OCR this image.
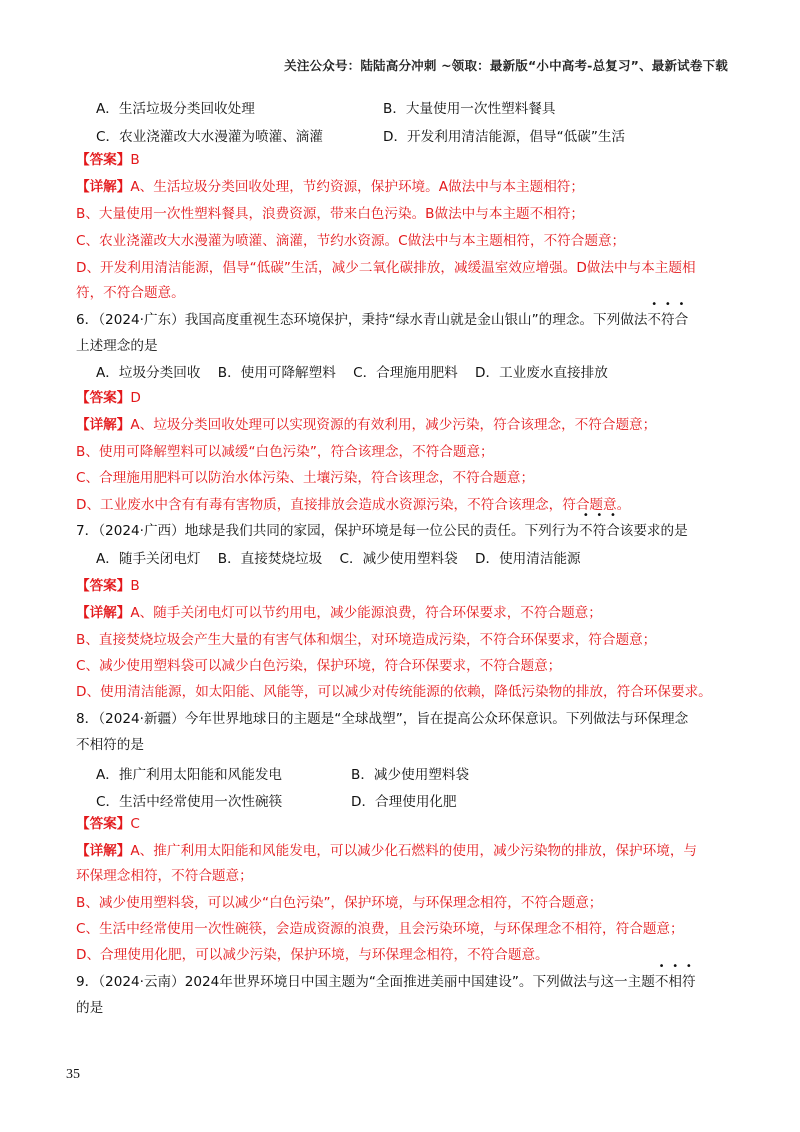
关注公众号：陆陆高分冲刺 ~领取：最新版“小中高考-总复习”、最新试卷下载
A．生活垃圾分类回收处理	B．大量使用一次性塑料餐具
C．农业浇灌改大水漫灌为喷灌、滴灌	D．开发利用清洁能源，倡导“低碳”生活
【答案】B
【详解】A、生活垃圾分类回收处理，节约资源，保护环境。A做法中与本主题相符；
B、大量使用一次性塑料餐具，浪费资源，带来白色污染。B做法中与本主题不相符；
C、农业浇灌改大水漫灌为喷灌、滴灌，节约水资源。C做法中与本主题相符，不符合题意；
D、开发利用清洁能源，倡导“低碳”生活，减少二氧化碳排放，减缓温室效应增强。D做法中与本主题相
符，不符合题意。
6．（2024·广东）我国高度重视生态环境保护，秉持“绿水青山就是金山银山”的理念。下列做法不符合
上述理念的是
A．垃圾分类回收    B．使用可降解塑料    C．合理施用肥料    D．工业废水直接排放
【答案】D
【详解】A、垃圾分类回收处理可以实现资源的有效利用，减少污染，符合该理念，不符合题意；
B、使用可降解塑料可以减缓“白色污染”，符合该理念，不符合题意；
C、合理施用肥料可以防治水体污染、土壤污染，符合该理念，不符合题意；
D、工业废水中含有有毒有害物质，直接排放会造成水资源污染，不符合该理念，符合题意。
7．（2024·广西）地球是我们共同的家园，保护环境是每一位公民的责任。下列行为不符合该要求的是
A．随手关闭电灯    B．直接焚烧垃圾    C．减少使用塑料袋    D．使用清洁能源
【答案】B
【详解】A、随手关闭电灯可以节约用电，减少能源浪费，符合环保要求，不符合题意；
B、直接焚烧垃圾会产生大量的有害气体和烟尘，对环境造成污染，不符合环保要求，符合题意；
C、减少使用塑料袋可以减少白色污染，保护环境，符合环保要求，不符合题意；
D、使用清洁能源，如太阳能、风能等，可以减少对传统能源的依赖，降低污染物的排放，符合环保要求。
8．（2024·新疆）今年世界地球日的主题是“全球战塑”，旨在提高公众环保意识。下列做法与环保理念
不相符的是
A．推广利用太阳能和风能发电	B．减少使用塑料袋
C．生活中经常使用一次性碗筷	D．合理使用化肥
【答案】C
【详解】A、推广利用太阳能和风能发电，可以减少化石燃料的使用，减少污染物的排放，保护环境，与
环保理念相符，不符合题意；
B、减少使用塑料袋，可以减少“白色污染”，保护环境，与环保理念相符，不符合题意；
C、生活中经常使用一次性碗筷，会造成资源的浪费，且会污染环境，与环保理念不相符，符合题意；
D、合理使用化肥，可以减少污染，保护环境，与环保理念相符，不符合题意。
9．（2024·云南）2024年世界环境日中国主题为“全面推进美丽中国建设”。下列做法与这一主题不相符
的是
35
